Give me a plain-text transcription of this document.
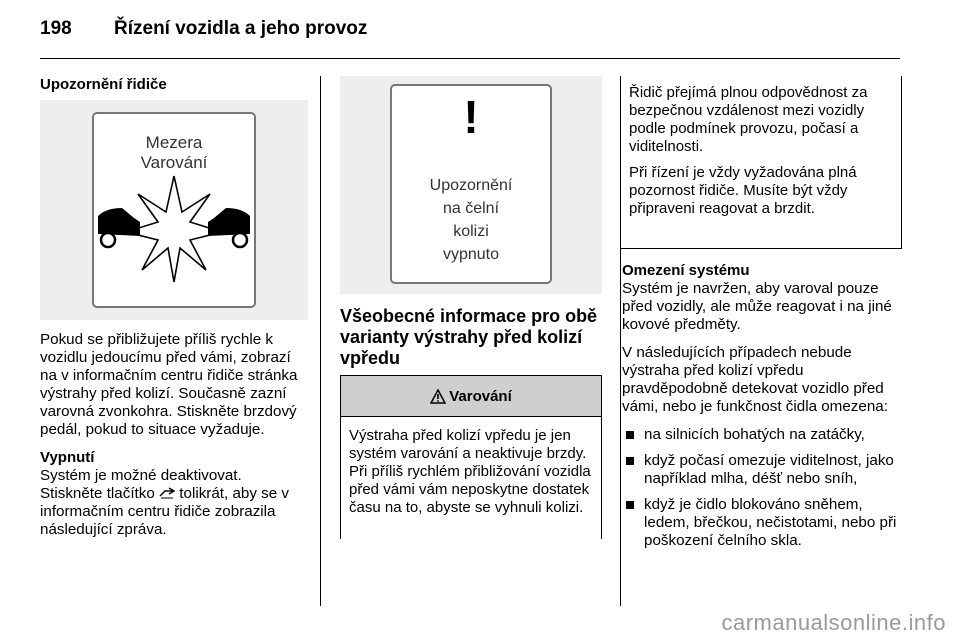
198 Řízení vozidla a jeho provoz
Upozornění řidiče
Mezera
Varování

Pokud se přibližujete příliš rychle k vozidlu jedoucímu před vámi, zobrazí na v informačním centru řidiče stránka výstrahy před kolizí. Současně zazní varovná zvonkohra. Stiskněte brzdový pedál, pokud to situace vyžaduje.

Vypnutí
Systém je možné deaktivovat.
Stiskněte tlačítko tolikrát, aby se v informačním centru řidiče zobrazila následující zpráva.
!
Upozornění
na čelní
kolizi
vypnuto
Všeobecné informace pro obě varianty výstrahy před kolizí vpředu
Varování
Výstraha před kolizí vpředu je jen systém varování a neaktivuje brzdy. Při příliš rychlém přibližování vozidla před vámi vám neposkytne dostatek času na to, abyste se vyhnuli kolizi.

Řidič přejímá plnou odpovědnost za bezpečnou vzdálenost mezi vozidly podle podmínek provozu, počasí a viditelnosti.

Při řízení je vždy vyžadována plná pozornost řidiče. Musíte být vždy připraveni reagovat a brzdit.

Omezení systému

Systém je navržen, aby varoval pouze před vozidly, ale může reagovat i na jiné kovové předměty.

V následujících případech nebude výstraha před kolizí vpředu pravděpodobně detekovat vozidlo před vámi, nebo je funkčnost čidla omezena:

na silnicích bohatých na zatáčky,
když počasí omezuje viditelnost, jako například mlha, déšť nebo sníh,
když je čidlo blokováno sněhem, ledem, břečkou, nečistotami, nebo při poškození čelního skla.
carmanualsonline.info
